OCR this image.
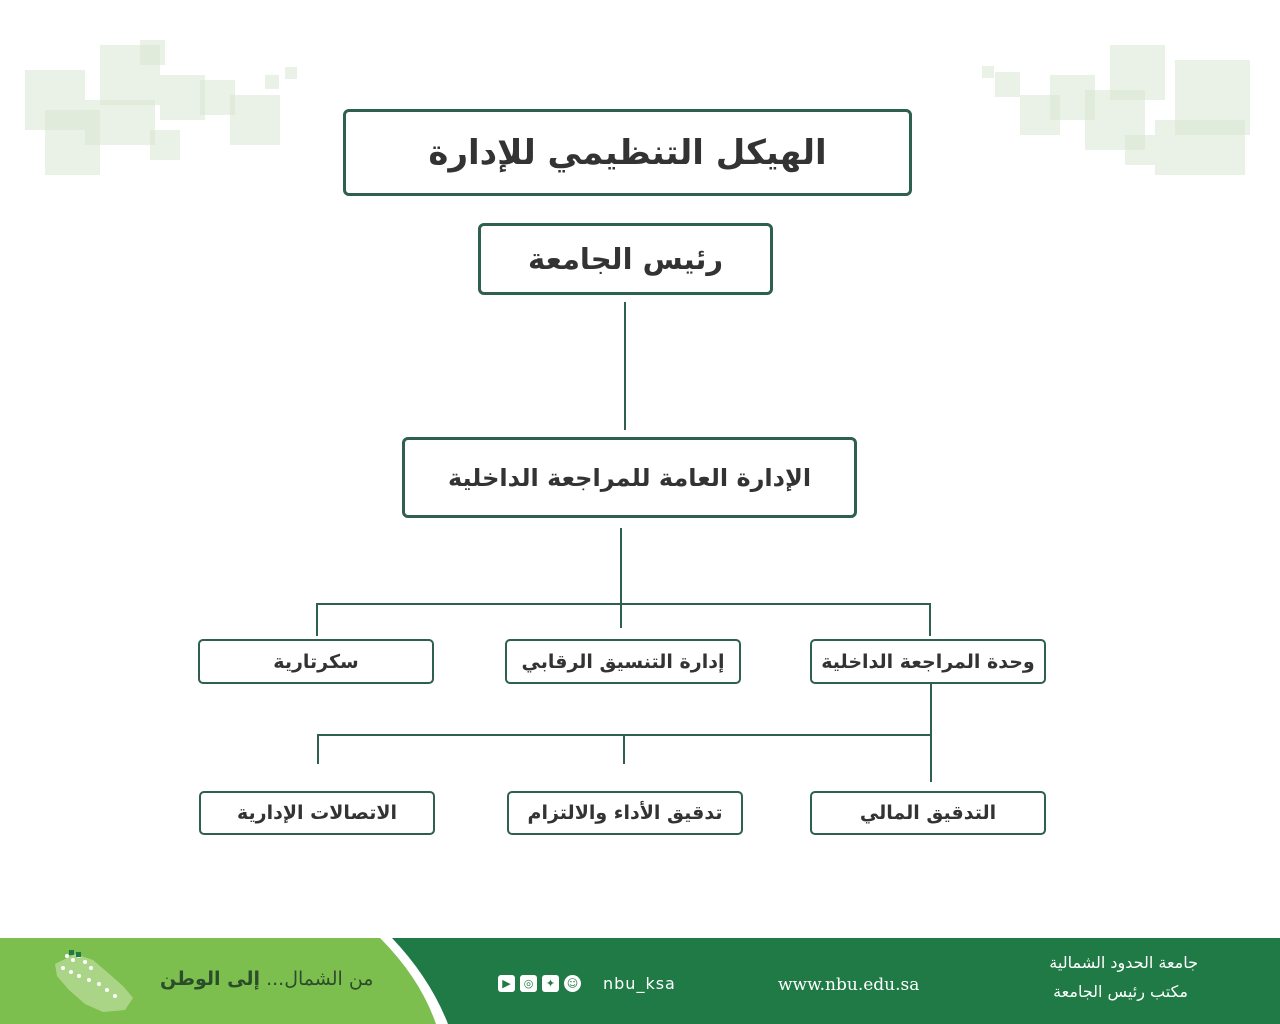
الهيكل التنظيمي للإدارة
رئيس الجامعة
الإدارة العامة للمراجعة الداخلية
وحدة المراجعة الداخلية
إدارة التنسيق الرقابي
سكرتارية
التدقيق المالي
تدقيق الأداء والالتزام
الاتصالات الإدارية
من الشمال... إلى الوطن	▶	◎	✦	☺ nbu_ksa	www.nbu.edu.sa
جامعة الحدود الشمالية
مكتب رئيس الجامعة
